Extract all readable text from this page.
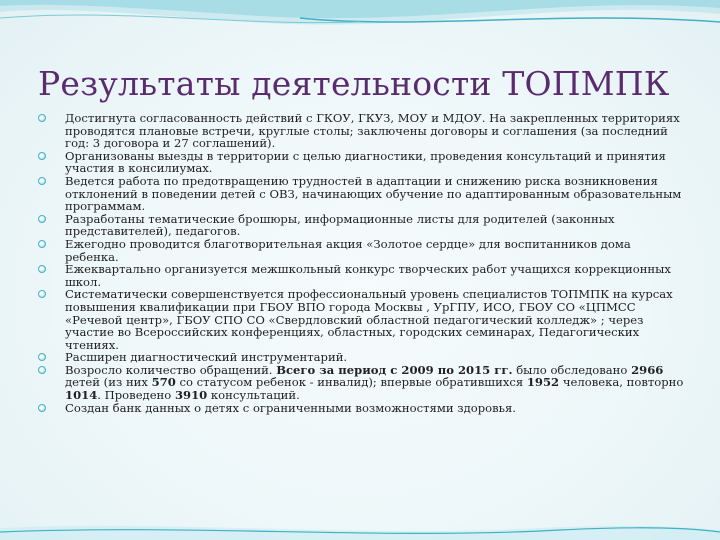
Результаты деятельности ТОПМПК
Достигнута согласованность действий с ГКОУ, ГКУЗ, МОУ и МДОУ. На закрепленных территориях проводятся плановые встречи, круглые столы; заключены договоры и соглашения (за последний год: 3 договора и 27 соглашений).
Организованы выезды в территории с целью диагностики, проведения консультаций и принятия участия в консилиумах.
Ведется работа по предотвращению трудностей в адаптации и снижению риска возникновения отклонений в поведении детей с ОВЗ, начинающих обучение по адаптированным образовательным программам.
Разработаны тематические брошюры, информационные листы для родителей (законных представителей), педагогов.
Ежегодно проводится благотворительная акция «Золотое сердце» для воспитанников дома ребенка.
Ежеквартально организуется межшкольный конкурс творческих работ учащихся коррекционных школ.
Систематически совершенствуется профессиональный уровень специалистов ТОПМПК на курсах повышения квалификации при ГБОУ ВПО города Москвы , УрГПУ, ИСО, ГБОУ СО «ЦПМСС «Речевой центр», ГБОУ СПО СО «Свердловский областной педагогический колледж» ; через участие во Всероссийских конференциях, областных, городских семинарах, Педагогических чтениях.
Расширен диагностический инструментарий.
Возросло количество обращений. Всего за период с 2009 по 2015 гг. было обследовано 2966 детей (из них 570 со статусом ребенок - инвалид); впервые обратившихся 1952 человека, повторно 1014. Проведено 3910 консультаций.
Создан банк данных о детях с ограниченными возможностями здоровья.
